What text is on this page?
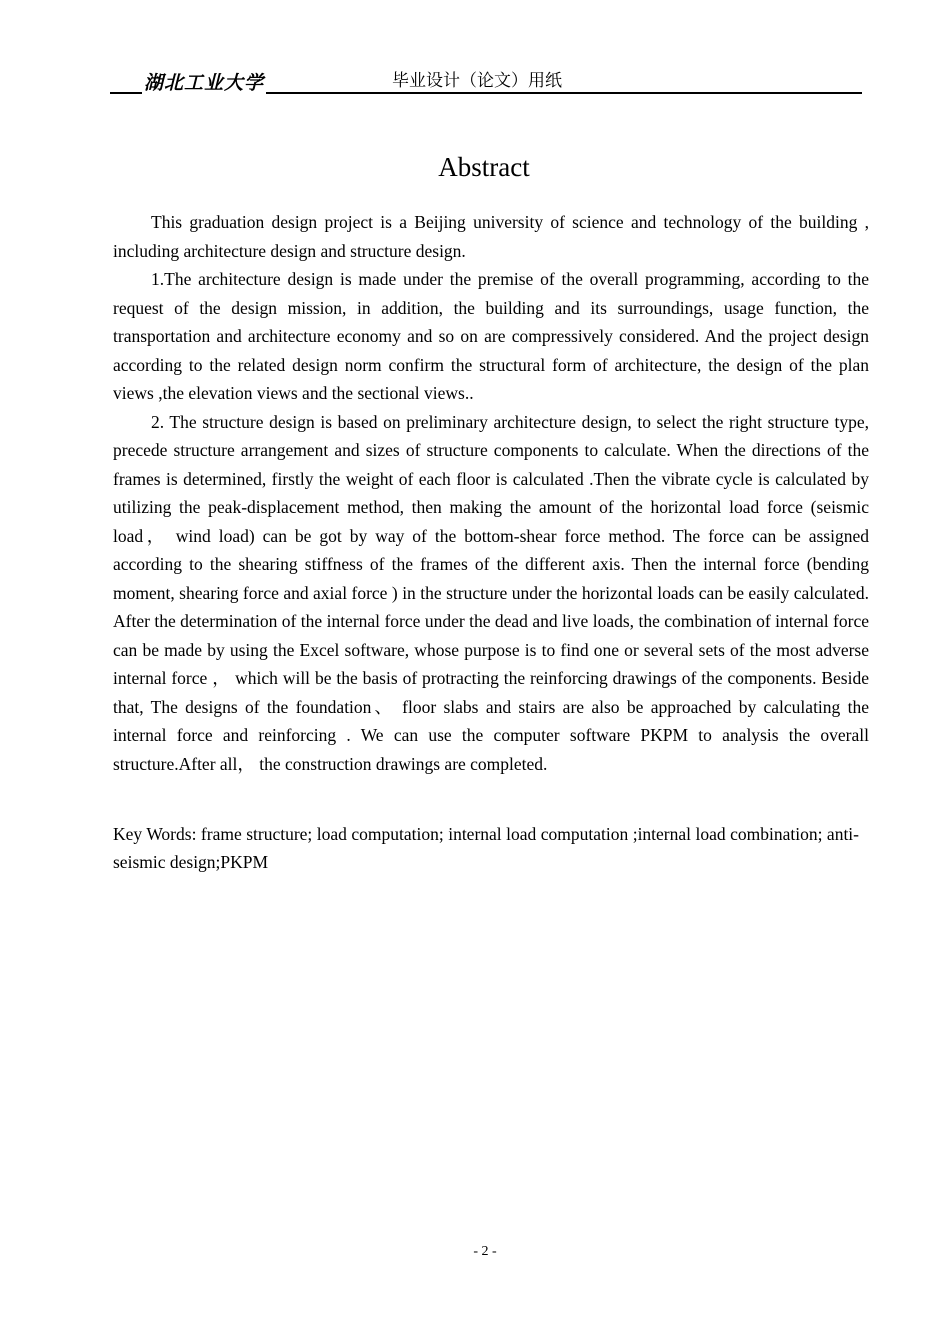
湖北工业大学	毕业设计（论文）用纸
Abstract

This graduation design project is a Beijing university of science and technology of the building , including architecture design and structure design.

1.The architecture design is made under the premise of the overall programming, according to the request of the design mission, in addition, the building and its surroundings, usage function, the transportation and architecture economy and so on are compressively considered. And the project design according to the related design norm confirm the structural form of architecture, the design of the plan views ,the elevation views and the sectional views..

2. The structure design is based on preliminary architecture design, to select the right structure type, precede structure arrangement and sizes of structure components to calculate. When the directions of the frames is determined, firstly the weight of each floor is calculated .Then the vibrate cycle is calculated by utilizing the peak-displacement method, then making the amount of the horizontal load force (seismic load， wind load) can be got by way of the bottom-shear force method. The force can be assigned according to the shearing stiffness of the frames of the different axis. Then the internal force (bending moment, shearing force and axial force ) in the structure under the horizontal loads can be easily calculated. After the determination of the internal force under the dead and live loads, the combination of internal force can be made by using the Excel software, whose purpose is to find one or several sets of the most adverse internal force ， which will be the basis of protracting the reinforcing drawings of the components. Beside that, The designs of the foundation、 floor slabs and stairs are also be approached by calculating the internal force and reinforcing . We can use the computer software PKPM to analysis the overall structure.After all， the construction drawings are completed.

Key Words: frame structure; load computation; internal load computation ;internal load combination; anti-seismic design;PKPM
- 2 -
